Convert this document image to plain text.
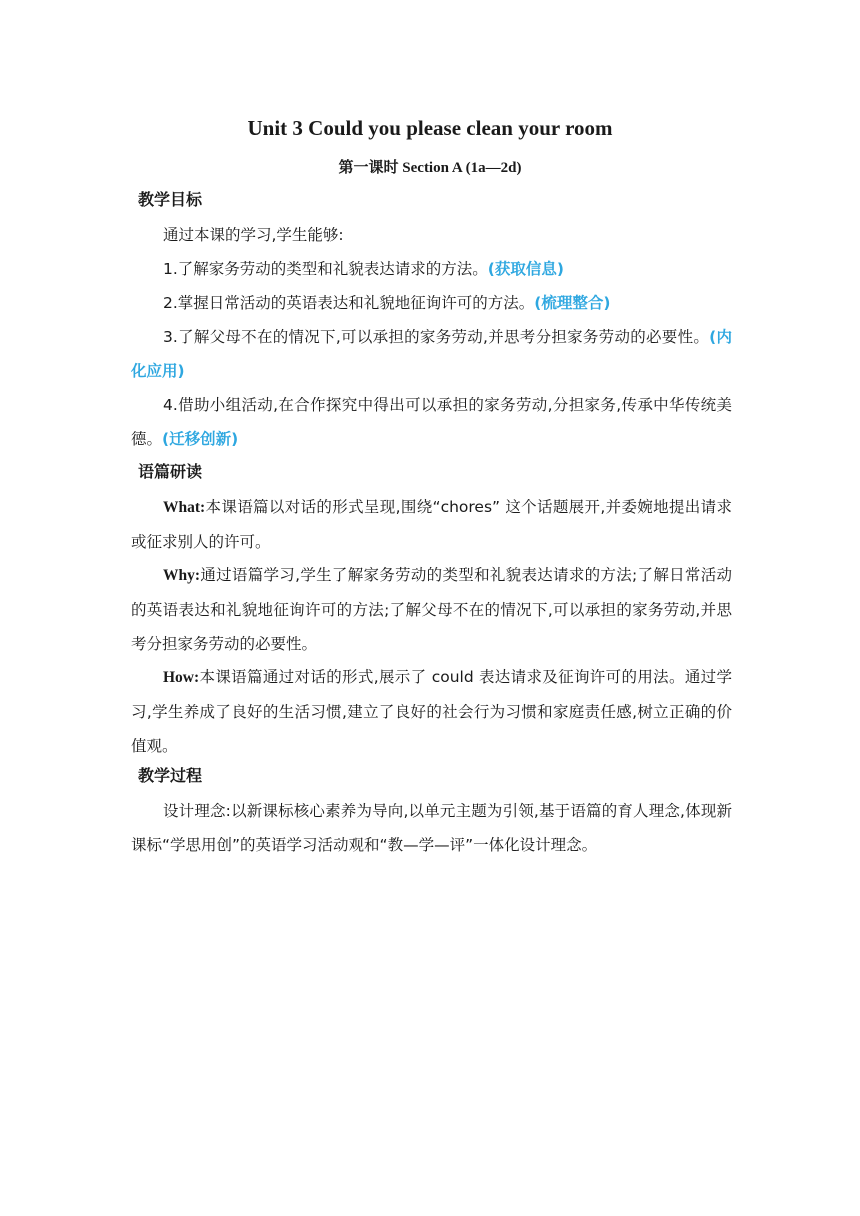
Unit 3 Could you please clean your room
第一课时 Section A (1a—2d)
教学目标
通过本课的学习,学生能够:
1.了解家务劳动的类型和礼貌表达请求的方法。(获取信息)
2.掌握日常活动的英语表达和礼貌地征询许可的方法。(梳理整合)
3.了解父母不在的情况下,可以承担的家务劳动,并思考分担家务劳动的必要性。(内化应用)
4.借助小组活动,在合作探究中得出可以承担的家务劳动,分担家务,传承中华传统美德。(迁移创新)
语篇研读
What:本课语篇以对话的形式呈现,围绕“chores” 这个话题展开,并委婉地提出请求或征求别人的许可。
Why:通过语篇学习,学生了解家务劳动的类型和礼貌表达请求的方法;了解日常活动的英语表达和礼貌地征询许可的方法;了解父母不在的情况下,可以承担的家务劳动,并思考分担家务劳动的必要性。
How:本课语篇通过对话的形式,展示了 could 表达请求及征询许可的用法。通过学习,学生养成了良好的生活习惯,建立了良好的社会行为习惯和家庭责任感,树立正确的价值观。
教学过程
设计理念:以新课标核心素养为导向,以单元主题为引领,基于语篇的育人理念,体现新课标“学思用创”的英语学习活动观和“教—学—评”一体化设计理念。
